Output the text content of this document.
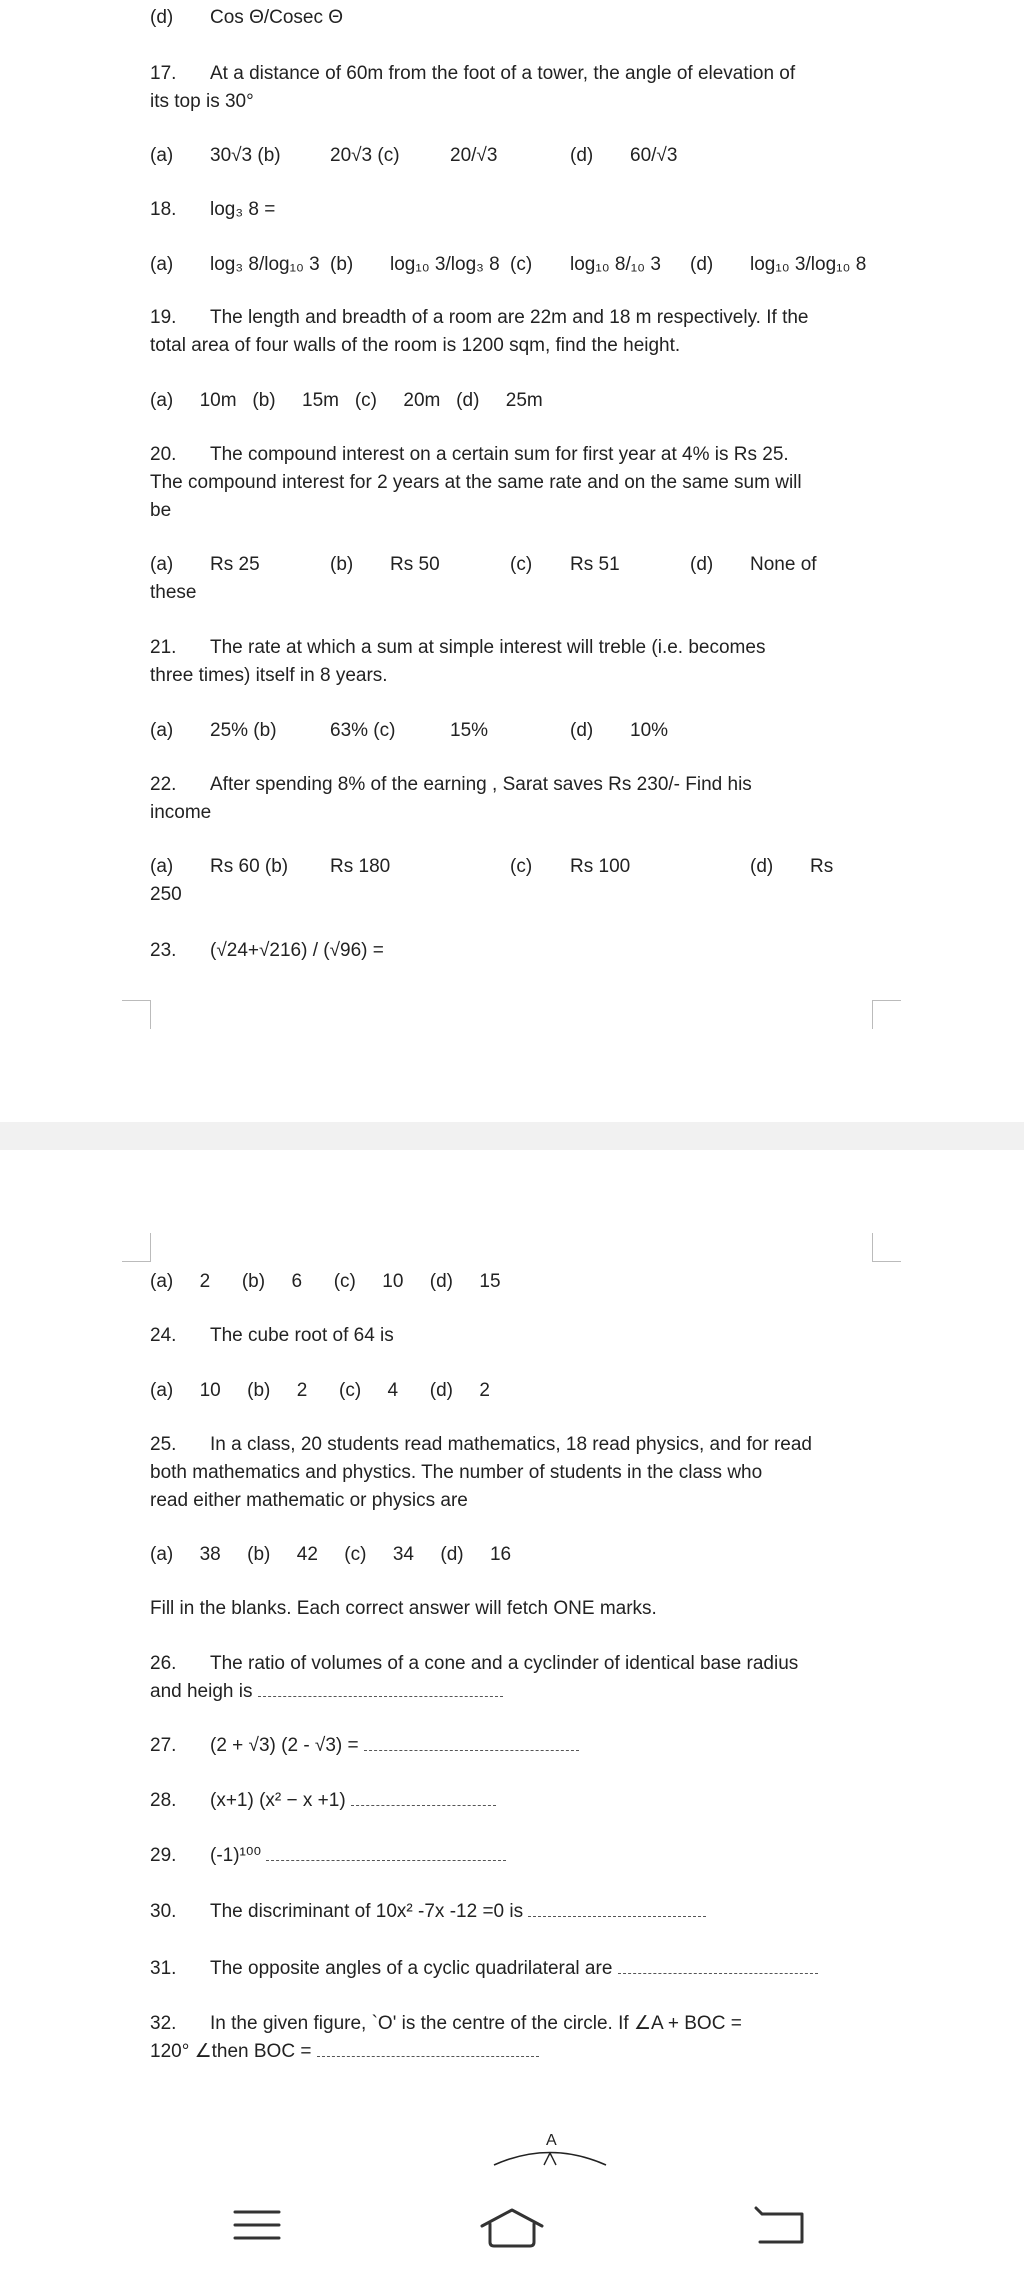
(d) Cos Θ/Cosec Θ
17. At a distance of 60m from the foot of a tower, the angle of elevation of
its top is 30°
(a) 30√3 (b)	20√3 (c)	20/√3	(d) 60/√3
18. log₃ 8 =
(a) log₃ 8/log₁₀ 3 (b) log₁₀ 3/log₃ 8 (c) log₁₀ 8/₁₀ 3 (d) log₁₀ 3/log₁₀ 8
19. The length and breadth of a room are 22m and 18 m respectively. If the
total area of four walls of the room is 1200 sqm, find the height.
(a)     10m   (b)     15m   (c)     20m   (d)     25m
20. The compound interest on a certain sum for first year at 4% is Rs 25.
The compound interest for 2 years at the same rate and on the same sum will
be
(a) Rs 25	(b) Rs 50	(c) Rs 51	(d) None of
these
21. The rate at which a sum at simple interest will treble (i.e. becomes
three times) itself in 8 years.
(a) 25% (b)	63% (c)	15%	(d) 10%
22. After spending 8% of the earning , Sarat saves Rs 230/- Find his
income
(a) Rs 60 (b) Rs 180	(c) Rs 100	(d) Rs
250
23. (√24+√216) / (√96) =
(a)     2      (b)     6      (c)     10     (d)     15
24. The cube root of 64 is
(a)     10     (b)     2      (c)     4      (d)     2
25. In a class, 20 students read mathematics, 18 read physics, and for read
both mathematics and phystics. The number of students in the class who
read either mathematic or physics are
(a)     38     (b)     42     (c)     34     (d)     16
Fill in the blanks. Each correct answer will fetch ONE marks.
26. The ratio of volumes of a cone and a cyclinder of identical base radius
and heigh is
27. (2 + √3) (2 - √3) =
28. (x+1) (x² − x +1)
29. (-1)¹⁰⁰
30. The discriminant of 10x² -7x -12 =0 is
31. The opposite angles of a cyclic quadrilateral are
32. In the given figure, `O' is the centre of the circle. If ∠A + BOC =
120° ∠then BOC =
A
